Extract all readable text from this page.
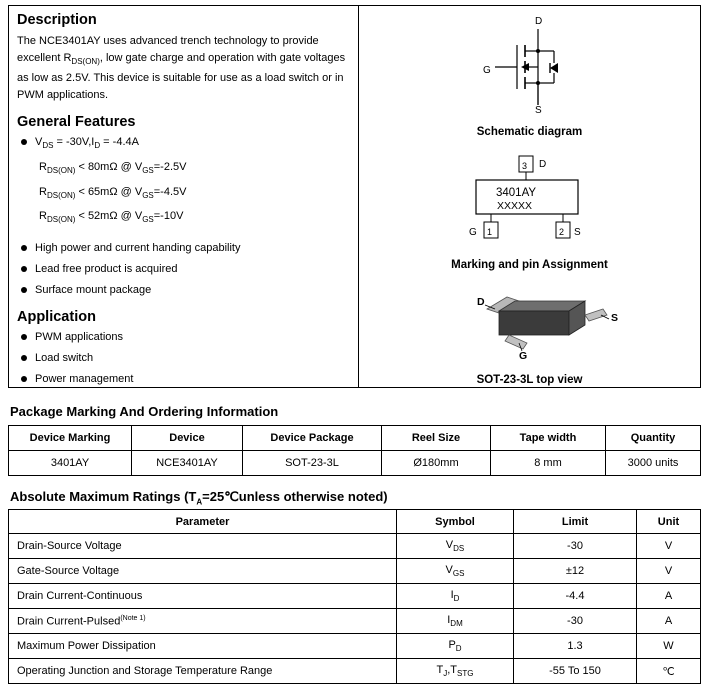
Description

The NCE3401AY uses advanced trench technology to provide excellent $R_{DS(ON)}$, low gate charge and operation with gate voltages as low as 2.5V. This device is suitable for use as a load switch or in PWM applications.

General Features
$V_{DS} = -30V,I_D = -4.4A$
$R_{DS(ON)} < 80m\Omega$ @ $V_{GS}=-2.5V$
$R_{DS(ON)} < 65m\Omega$ @ $V_{GS}=-4.5V$
$R_{DS(ON)} < 52m\Omega$ @ $V_{GS}=-10V$
High power and current handing capability
Lead free product is acquired
Surface mount package
Application
PWM applications
Load switch
Power management
D
G
S
Schematic diagram
3 D
3401AY
XXXXX
1
G	2 S
Marking and pin Assignment
D
S
G
SOT-23-3L top view
Package Marking And Ordering Information
Device Marking	Device	Device Package	Reel Size	Tape width	Quantity
3401AY	NCE3401AY	SOT-23-3L	Ø180mm	8 mm	3000 units
Absolute Maximum Ratings ($T_A=25℃unless$ otherwise noted)
Parameter	Symbol	Limit	Unit
Drain-Source Voltage	$V_{DS}$	-30	V
Gate-Source Voltage	$V_{GS}$	±12	V
Drain Current-Continuous	$I_D$	-4.4	A
Drain Current-Pulsed$^{(Note 1)}$	$I_{DM}$	-30	A
Maximum Power Dissipation	$P_D$	1.3	W
Operating Junction and Storage Temperature Range	$T_J,T_{STG}$	-55 To 150	℃
